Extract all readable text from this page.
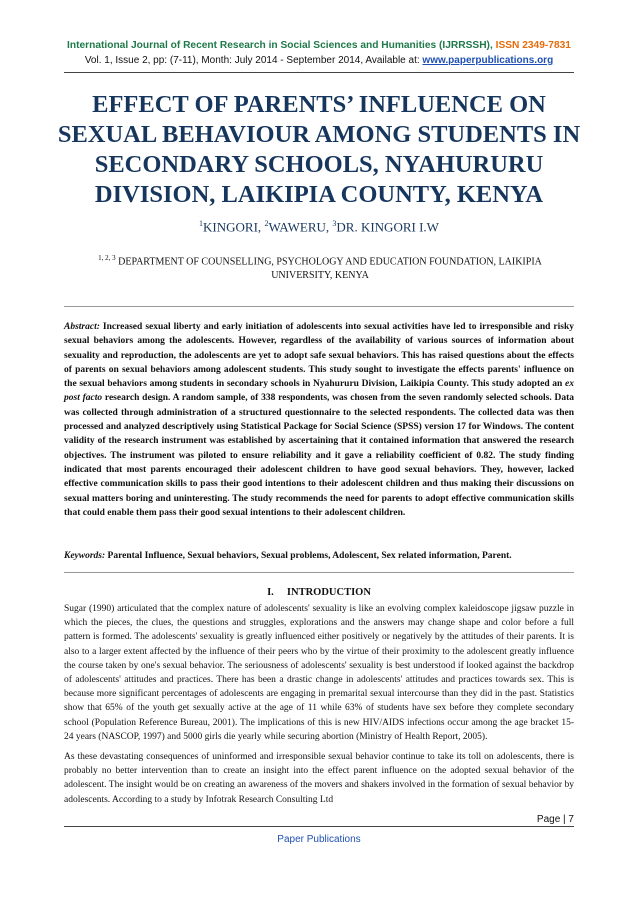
International Journal of Recent Research in Social Sciences and Humanities (IJRRSSH), ISSN 2349-7831
Vol. 1, Issue 2, pp: (7-11), Month: July 2014 - September 2014, Available at: www.paperpublications.org
EFFECT OF PARENTS’ INFLUENCE ON SEXUAL BEHAVIOUR AMONG STUDENTS IN SECONDARY SCHOOLS, NYAHURURU DIVISION, LAIKIPIA COUNTY, KENYA
$^1$KINGORI, $^2$WAWERU, $^3$DR. KINGORI I.W
$^{1, 2, 3}$ DEPARTMENT OF COUNSELLING, PSYCHOLOGY AND EDUCATION FOUNDATION, LAIKIPIA UNIVERSITY, KENYA

Abstract: Increased sexual liberty and early initiation of adolescents into sexual activities have led to irresponsible and risky sexual behaviors among the adolescents. However, regardless of the availability of various sources of information about sexuality and reproduction, the adolescents are yet to adopt safe sexual behaviors. This has raised questions about the effects of parents on sexual behaviors among adolescent students. This study sought to investigate the effects parents' influence on the sexual behaviors among students in secondary schools in Nyahururu Division, Laikipia County. This study adopted an ex post facto research design. A random sample, of 338 respondents, was chosen from the seven randomly selected schools. Data was collected through administration of a structured questionnaire to the selected respondents. The collected data was then processed and analyzed descriptively using Statistical Package for Social Science (SPSS) version 17 for Windows. The content validity of the research instrument was established by ascertaining that it contained information that answered the research objectives. The instrument was piloted to ensure reliability and it gave a reliability coefficient of 0.82. The study finding indicated that most parents encouraged their adolescent children to have good sexual behaviors. They, however, lacked effective communication skills to pass their good intentions to their adolescent children and thus making their discussions on sexual matters boring and uninteresting. The study recommends the need for parents to adopt effective communication skills that could enable them pass their good sexual intentions to their adolescent children.

Keywords: Parental Influence, Sexual behaviors, Sexual problems, Adolescent, Sex related information, Parent.
I.     INTRODUCTION

Sugar (1990) articulated that the complex nature of adolescents' sexuality is like an evolving complex kaleidoscope jigsaw puzzle in which the pieces, the clues, the questions and struggles, explorations and the answers may change shape and color before a full pattern is formed. The adolescents' sexuality is greatly influenced either positively or negatively by the attitudes of their parents. It is also to a larger extent affected by the influence of their peers who by the virtue of their proximity to the adolescent greatly influence the course taken by one's sexual behavior. The seriousness of adolescents' sexuality is best understood if looked against the backdrop of adolescents' attitudes and practices. There has been a drastic change in adolescents' attitudes and practices towards sex. This is because more significant percentages of adolescents are engaging in premarital sexual intercourse than they did in the past. Statistics show that 65% of the youth get sexually active at the age of 11 while 63% of students have sex before they complete secondary school (Population Reference Bureau, 2001). The implications of this is new HIV/AIDS infections occur among the age bracket 15-24 years (NASCOP, 1997) and 5000 girls die yearly while securing abortion (Ministry of Health Report, 2005).

As these devastating consequences of uninformed and irresponsible sexual behavior continue to take its toll on adolescents, there is probably no better intervention than to create an insight into the effect parent influence on the adopted sexual behavior of the adolescent. The insight would be on creating an awareness of the movers and shakers involved in the formation of sexual behavior by adolescents. According to a study by Infotrak Research Consulting Ltd

Page | 7
Paper Publications
